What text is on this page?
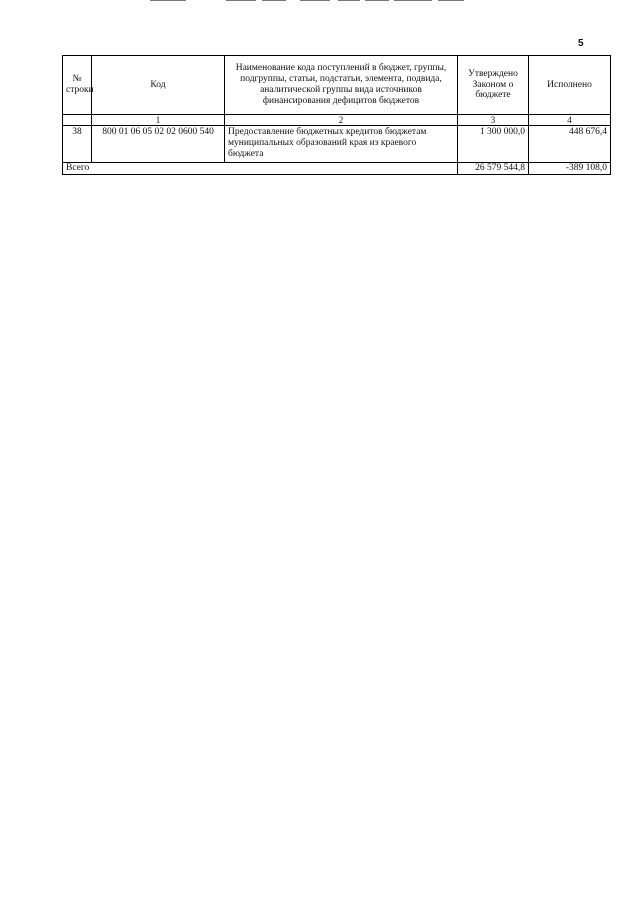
5
№ строки	Код	Наименование кода поступлений в бюджет, группы, подгруппы, статьи, подстатьи, элемента, подвида, аналитической группы вида источников финансирования дефицитов бюджетов	Утверждено Законом о бюджете	Исполнено
	1	2	3	4
38	800 01 06 05 02 02 0600 540	Предоставление бюджетных кредитов бюджетам муниципальных образований края из краевого бюджета	1 300 000,0	448 676,4
Всего			26 579 544,8	-389 108,0
